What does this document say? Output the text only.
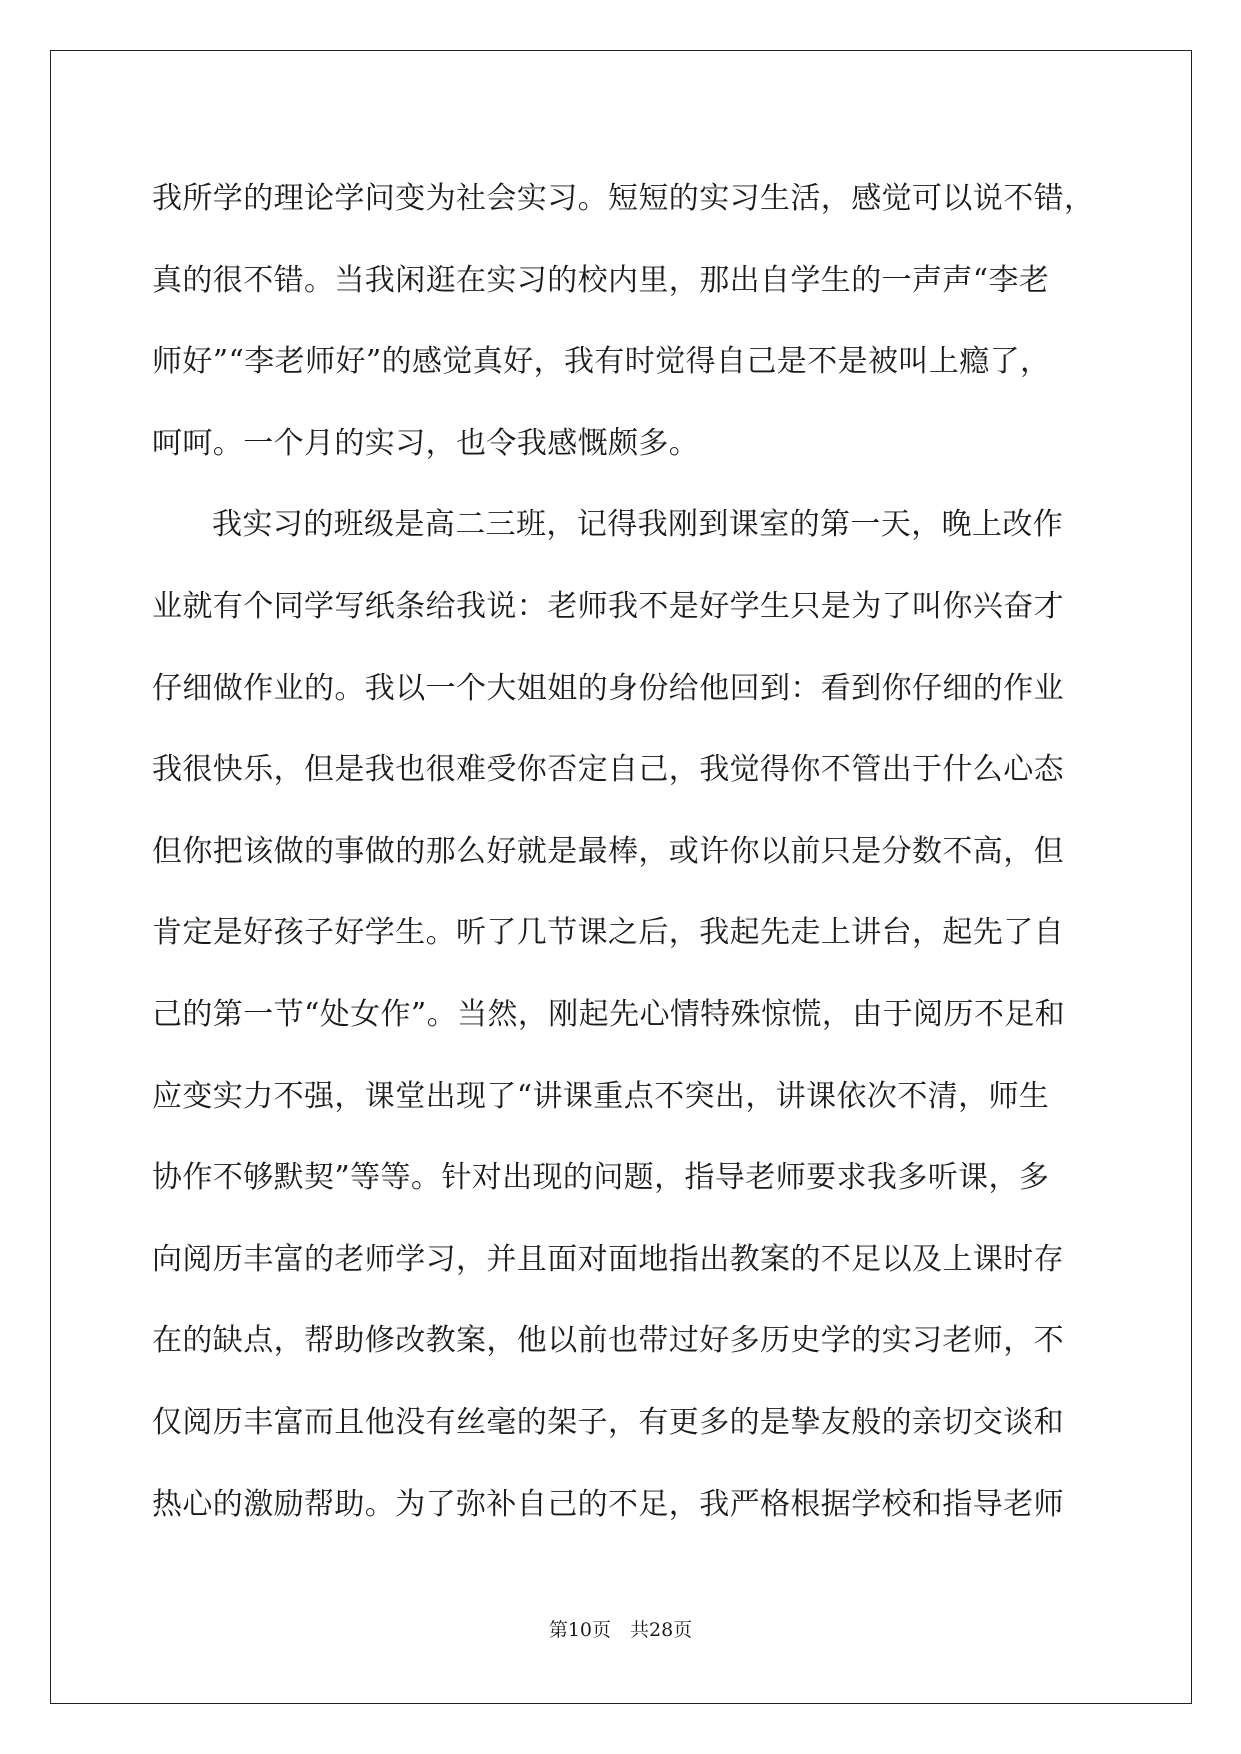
我所学的理论学问变为社会实习。短短的实习生活，感觉可以说不错，
真的很不错。当我闲逛在实习的校内里，那出自学生的一声声“李老
师好”“李老师好”的感觉真好，我有时觉得自己是不是被叫上瘾了，
呵呵。一个月的实习，也令我感慨颇多。
我实习的班级是高二三班，记得我刚到课室的第一天，晚上改作
业就有个同学写纸条给我说：老师我不是好学生只是为了叫你兴奋才
仔细做作业的。我以一个大姐姐的身份给他回到：看到你仔细的作业
我很快乐，但是我也很难受你否定自己，我觉得你不管出于什么心态
但你把该做的事做的那么好就是最棒，或许你以前只是分数不高，但
肯定是好孩子好学生。听了几节课之后，我起先走上讲台，起先了自
己的第一节“处女作”。当然，刚起先心情特殊惊慌，由于阅历不足和
应变实力不强，课堂出现了“讲课重点不突出，讲课依次不清，师生
协作不够默契”等等。针对出现的问题，指导老师要求我多听课，多
向阅历丰富的老师学习，并且面对面地指出教案的不足以及上课时存
在的缺点，帮助修改教案，他以前也带过好多历史学的实习老师，不
仅阅历丰富而且他没有丝毫的架子，有更多的是挚友般的亲切交谈和
热心的激励帮助。为了弥补自己的不足，我严格根据学校和指导老师
第10页　共28页
